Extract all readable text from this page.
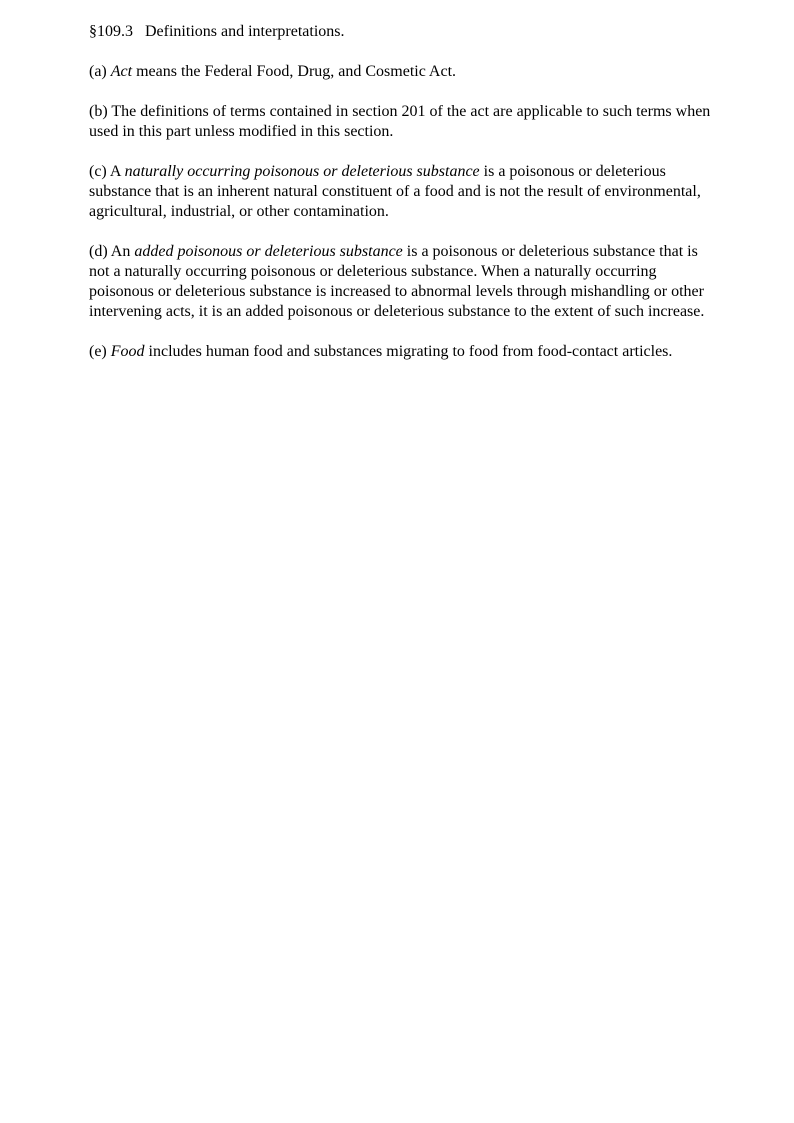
§109.3 Definitions and interpretations.

(a) Act means the Federal Food, Drug, and Cosmetic Act.

(b) The definitions of terms contained in section 201 of the act are applicable to such terms when used in this part unless modified in this section.

(c) A naturally occurring poisonous or deleterious substance is a poisonous or deleterious substance that is an inherent natural constituent of a food and is not the result of environmental, agricultural, industrial, or other contamination.

(d) An added poisonous or deleterious substance is a poisonous or deleterious substance that is not a naturally occurring poisonous or deleterious substance. When a naturally occurring poisonous or deleterious substance is increased to abnormal levels through mishandling or other intervening acts, it is an added poisonous or deleterious substance to the extent of such increase.

(e) Food includes human food and substances migrating to food from food-contact articles.
